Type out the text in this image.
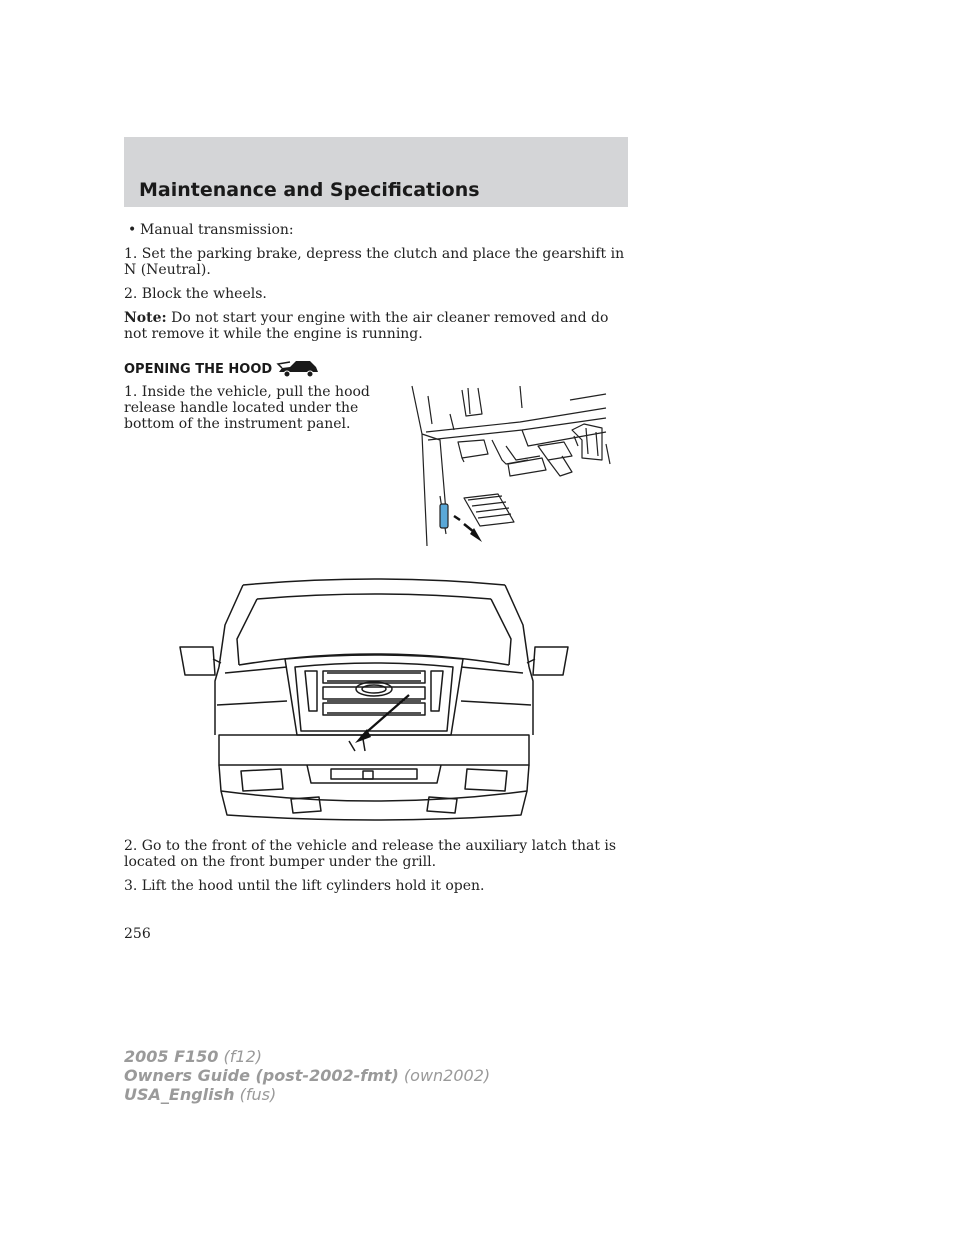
Maintenance and Specifications
• Manual transmission:
1. Set the parking brake, depress the clutch and place the gearshift in N (Neutral).
2. Block the wheels.
Note: Do not start your engine with the air cleaner removed and do not remove it while the engine is running.
OPENING THE HOOD
1. Inside the vehicle, pull the hood release handle located under the bottom of the instrument panel.
2. Go to the front of the vehicle and release the auxiliary latch that is located on the front bumper under the grill.
3. Lift the hood until the lift cylinders hold it open.
256
2005 F150 (f12)
Owners Guide (post-2002-fmt) (own2002)
USA_English (fus)
